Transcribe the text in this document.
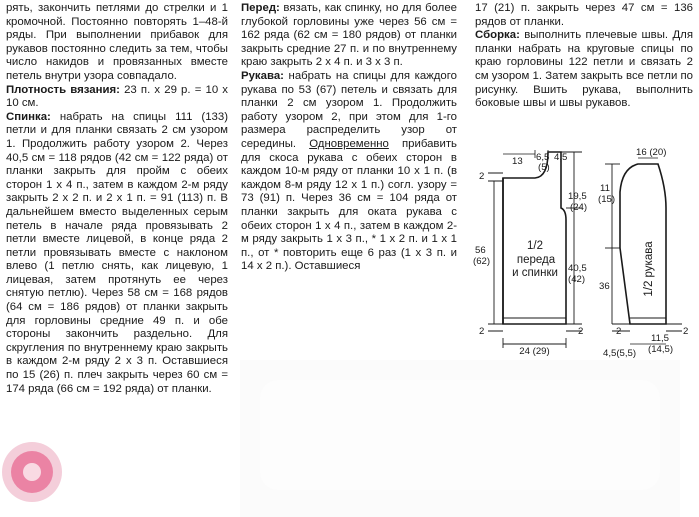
рять, закончить петлями до стрелки и 1 кромочной. Постоянно повторять 1–48-й ряды. При выполнении прибавок для рукавов постоянно следить за тем, чтобы число накидов и провязанных вместе петель внутри узора совпадало.

Плотность вязания: 23 п. х 29 р. = 10 х 10 см.

Спинка: набрать на спицы 111 (133) петли и для планки связать 2 см узором 1. Продолжить работу узором 2. Через 40,5 см = 118 рядов (42 см = 122 ряда) от планки закрыть для пройм с обеих сторон 1 х 4 п., затем в каждом 2-м ряду закрыть 2 х 2 п. и 2 х 1 п. = 91 (113) п. В дальнейшем вместо выделенных серым петель в начале ряда провязывать 2 петли вместе лицевой, в конце ряда 2 петли провязывать вместе с наклоном влево (1 петлю снять, как лицевую, 1 лицевая, затем протянуть ее через снятую петлю). Через 58 см = 168 рядов (64 см = 186 рядов) от планки закрыть для горловины средние 49 п. и обе стороны закончить раздельно. Для скругления по внутреннему краю закрыть в каждом 2-м ряду 2 х 3 п. Оставшиеся по 15 (26) п. плеч закрыть через 60 см = 174 ряда (66 см = 192 ряда) от планки.

Перед: вязать, как спинку, но для более глубокой горловины уже через 56 см = 162 ряда (62 см = 180 рядов) от планки закрыть средние 27 п. и по внутреннему краю закрыть 2 х 4 п. и 3 х 3 п.

Рукава: набрать на спицы для каждого рукава по 53 (67) петель и связать для планки 2 см узором 1. Продолжить работу узором 2, при этом для 1-го размера распределить узор от середины. Одновременно прибавить для скоса рукава с обеих сторон в каждом 10-м ряду от планки 10 х 1 п. (в каждом 8-м ряду 12 х 1 п.) согл. узору = 73 (91) п. Через 36 см = 104 ряда от планки закрыть для оката рукава с обеих сторон 1 х 4 п., затем в каждом 2-м ряду закрыть 1 х 3 п., * 1 х 2 п. и 1 х 1 п., от * повторить еще 6 раз (1 х 3 п. и 14 х 2 п.). Оставшиеся

17 (21) п. закрыть через 47 см = 136 рядов от планки.

Сборка: выполнить плечевые швы. Для планки набрать на круговые спицы по краю горловины 122 петли и связать 2 см узором 1. Затем закрыть все петли по рисунку. Вшить рукава, выполнить боковые швы и швы рукавов.

13 6,5
(5)
4,5
2
19,5
(24)
56
(62)
40,5
(42)
1/2
переда
и спинки
2	2
24 (29)
16 (20)
11
(15)
36	1/2 рукава
2	2
11,5
(14,5)
4,5(5,5)
